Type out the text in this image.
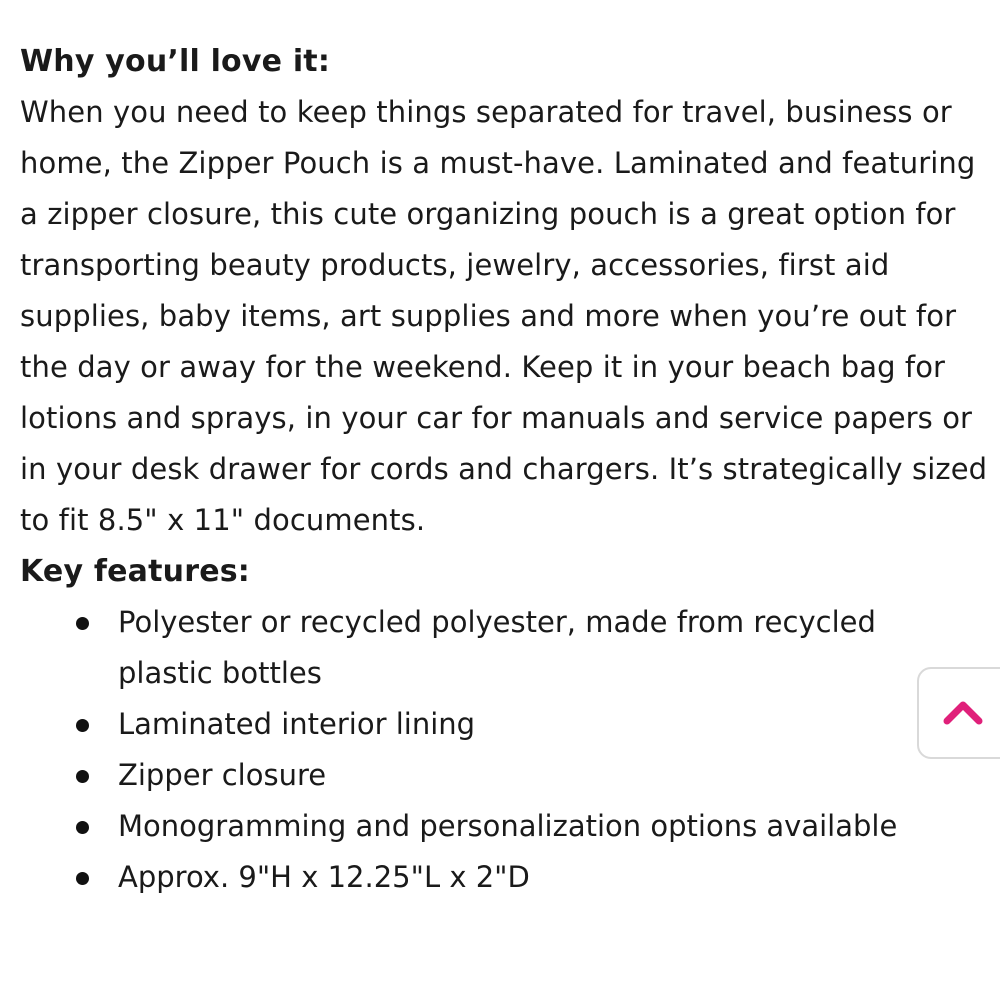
Why you’ll love it:

When you need to keep things separated for travel, business or home, the Zipper Pouch is a must-have. Laminated and featuring a zipper closure, this cute organizing pouch is a great option for transporting beauty products, jewelry, accessories, first aid supplies, baby items, art supplies and more when you’re out for the day or away for the weekend. Keep it in your beach bag for lotions and sprays, in your car for manuals and service papers or in your desk drawer for cords and chargers. It’s strategically sized to fit 8.5" x 11" documents.

Key features:
Polyester or recycled polyester, made from recycled plastic bottles
Laminated interior lining
Zipper closure
Monogramming and personalization options available
Approx. 9"H x 12.25"L x 2"D
